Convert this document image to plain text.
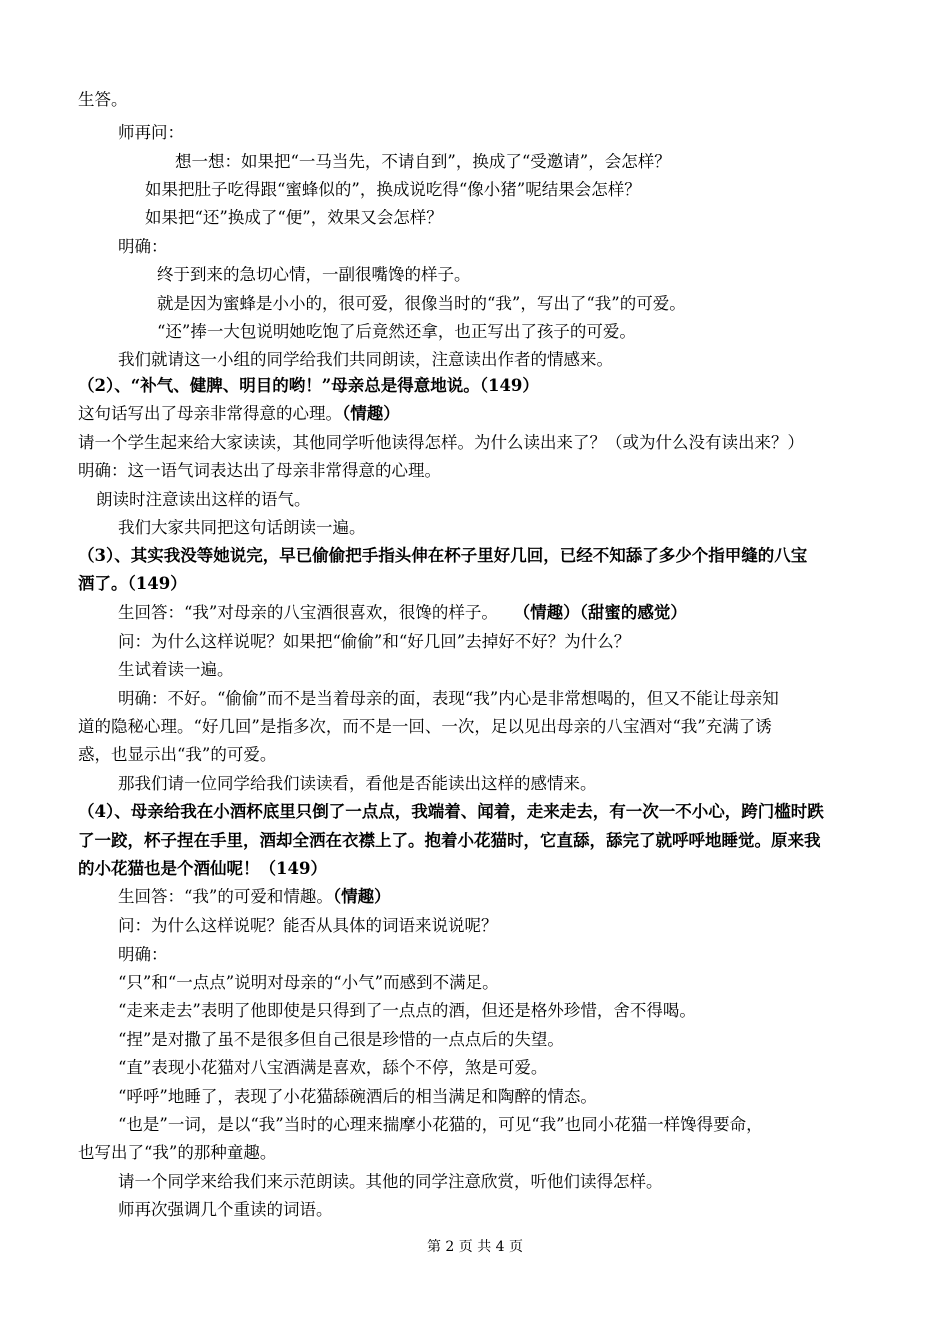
生答。
师再问：
想一想：如果把“一马当先，不请自到”，换成了“受邀请”，会怎样？
如果把肚子吃得跟“蜜蜂似的”，换成说吃得“像小猪”呢结果会怎样？
如果把“还”换成了“便”，效果又会怎样？
明确：
终于到来的急切心情，一副很嘴馋的样子。
就是因为蜜蜂是小小的，很可爱，很像当时的“我”，写出了“我”的可爱。
“还”捧一大包说明她吃饱了后竟然还拿，也正写出了孩子的可爱。
我们就请这一小组的同学给我们共同朗读，注意读出作者的情感来。
（2）、“补气、健脾、明目的哟！”母亲总是得意地说。（149）
这句话写出了母亲非常得意的心理。（情趣）
请一个学生起来给大家读读，其他同学听他读得怎样。为什么读出来了？（或为什么没有读出来？）
明确：这一语气词表达出了母亲非常得意的心理。
朗读时注意读出这样的语气。
我们大家共同把这句话朗读一遍。
（3）、其实我没等她说完，早已偷偷把手指头伸在杯子里好几回，已经不知舔了多少个指甲缝的八宝
酒了。（149）
生回答：“我”对母亲的八宝酒很喜欢，很馋的样子。 （情趣）（甜蜜的感觉）
问：为什么这样说呢？如果把“偷偷”和“好几回”去掉好不好？为什么？
生试着读一遍。
明确：不好。“偷偷”而不是当着母亲的面，表现“我”内心是非常想喝的，但又不能让母亲知
道的隐秘心理。“好几回”是指多次，而不是一回、一次，足以见出母亲的八宝酒对“我”充满了诱
惑，也显示出“我”的可爱。
那我们请一位同学给我们读读看，看他是否能读出这样的感情来。
（4）、母亲给我在小酒杯底里只倒了一点点，我端着、闻着，走来走去，有一次一不小心，跨门槛时跌
了一跤，杯子捏在手里，酒却全洒在衣襟上了。抱着小花猫时，它直舔，舔完了就呼呼地睡觉。原来我
的小花猫也是个酒仙呢！（149）
生回答：“我”的可爱和情趣。（情趣）
问：为什么这样说呢？能否从具体的词语来说说呢？
明确：
“只”和“一点点”说明对母亲的“小气”而感到不满足。
“走来走去”表明了他即使是只得到了一点点的酒，但还是格外珍惜，舍不得喝。
“捏”是对撒了虽不是很多但自己很是珍惜的一点点后的失望。
“直”表现小花猫对八宝酒满是喜欢，舔个不停，煞是可爱。
“呼呼”地睡了，表现了小花猫舔碗酒后的相当满足和陶醉的情态。
“也是”一词，是以“我”当时的心理来揣摩小花猫的，可见“我”也同小花猫一样馋得要命，
也写出了“我”的那种童趣。
请一个同学来给我们来示范朗读。其他的同学注意欣赏，听他们读得怎样。
师再次强调几个重读的词语。
第 2 页 共 4 页
